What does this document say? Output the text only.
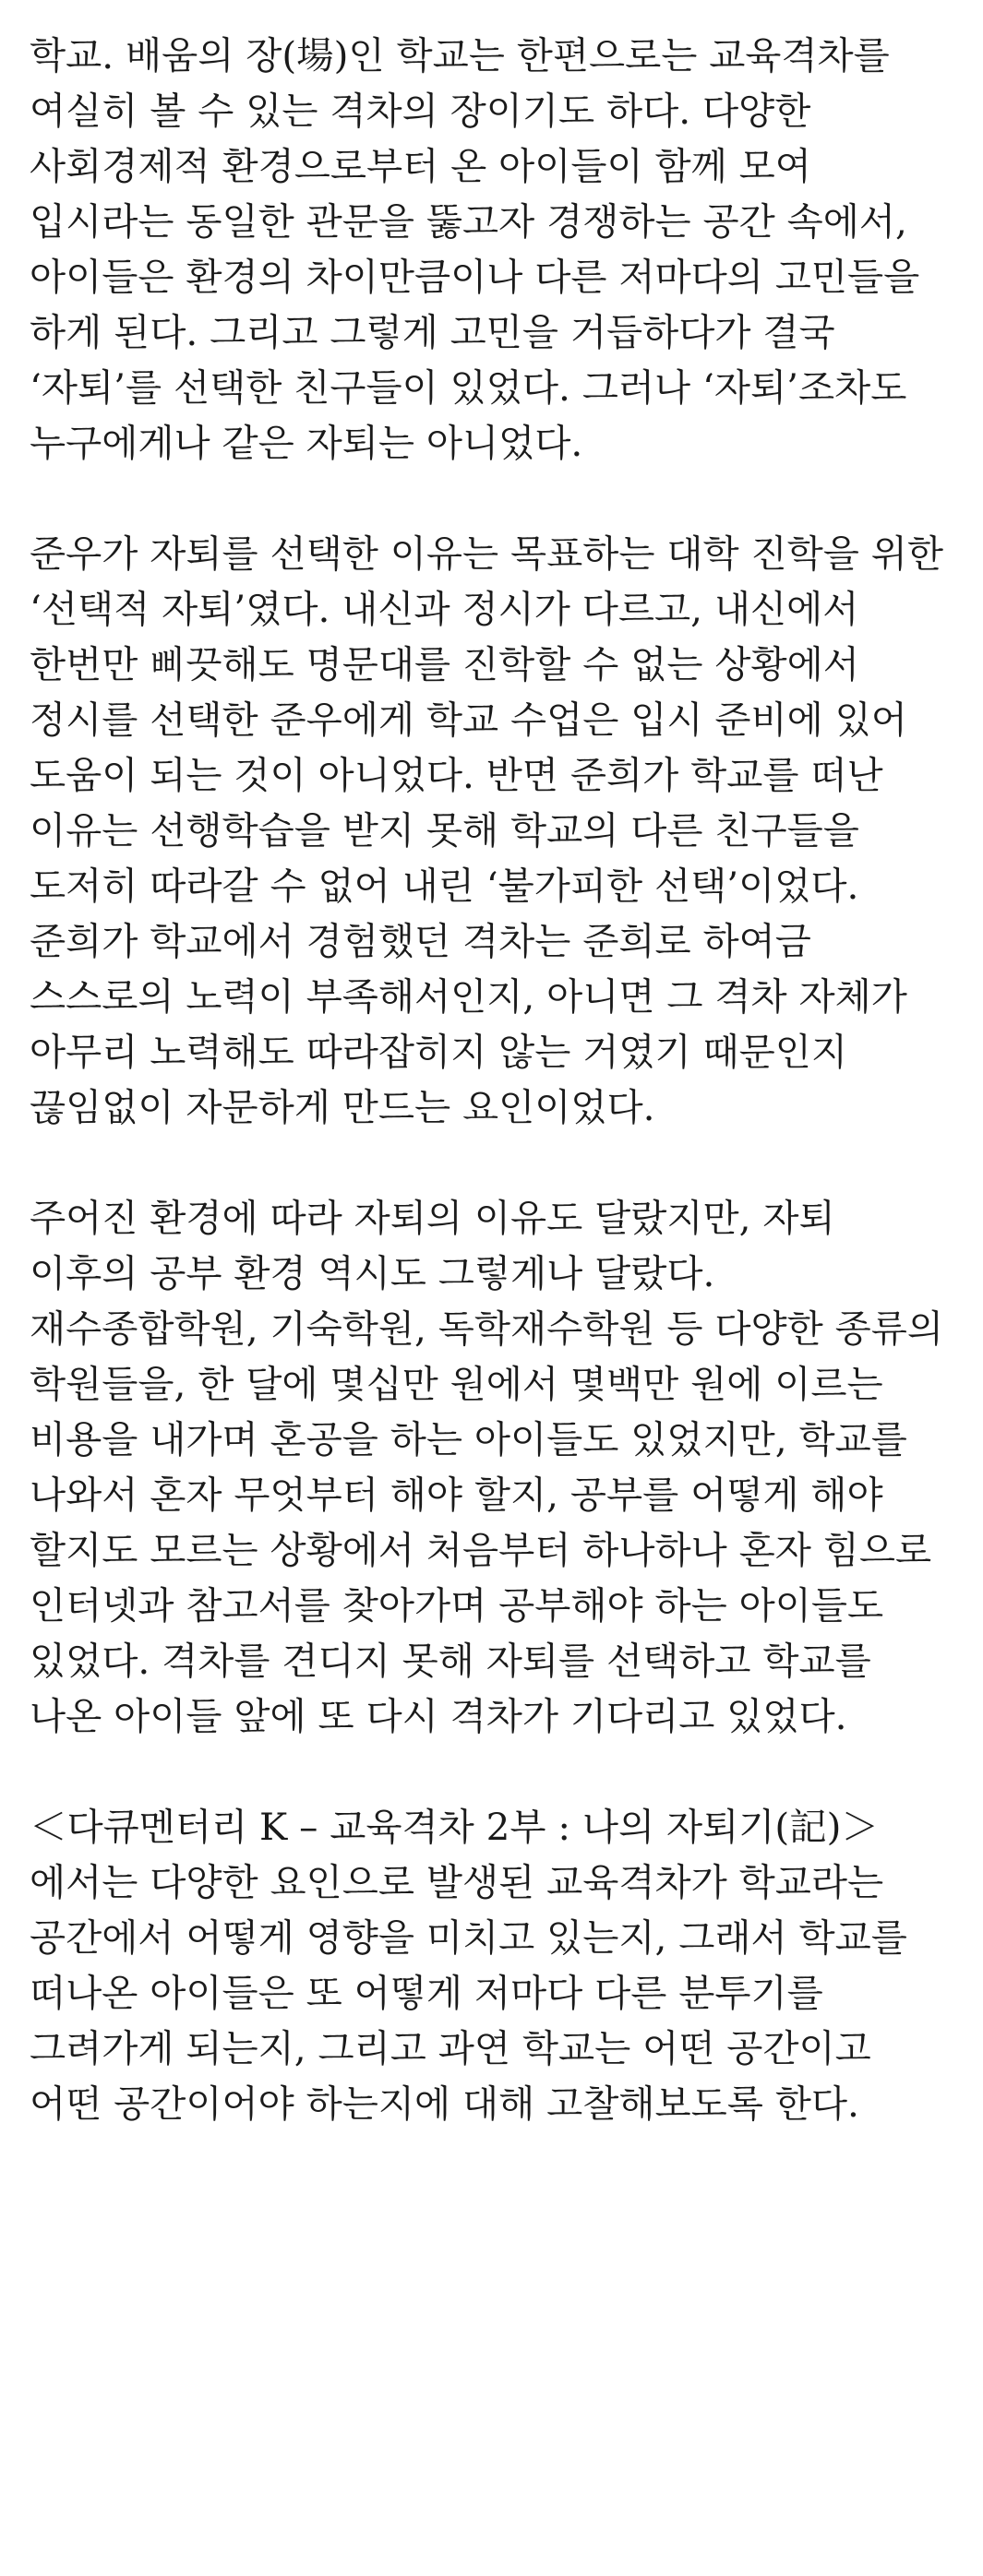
학교. 배움의 장(場)인 학교는 한편으로는 교육격차를 여실히 볼 수 있는 격차의 장이기도 하다. 다양한 사회경제적 환경으로부터 온 아이들이 함께 모여 입시라는 동일한 관문을 뚫고자 경쟁하는 공간 속에서, 아이들은 환경의 차이만큼이나 다른 저마다의 고민들을 하게 된다. 그리고 그렇게 고민을 거듭하다가 결국 ‘자퇴’를 선택한 친구들이 있었다. 그러나 ‘자퇴’조차도 누구에게나 같은 자퇴는 아니었다.

준우가 자퇴를 선택한 이유는 목표하는 대학 진학을 위한 ‘선택적 자퇴’였다. 내신과 정시가 다르고, 내신에서 한번만 삐끗해도 명문대를 진학할 수 없는 상황에서 정시를 선택한 준우에게 학교 수업은 입시 준비에 있어 도움이 되는 것이 아니었다. 반면 준희가 학교를 떠난 이유는 선행학습을 받지 못해 학교의 다른 친구들을 도저히 따라갈 수 없어 내린 ‘불가피한 선택’이었다. 준희가 학교에서 경험했던 격차는 준희로 하여금 스스로의 노력이 부족해서인지, 아니면 그 격차 자체가 아무리 노력해도 따라잡히지 않는 거였기 때문인지 끊임없이 자문하게 만드는 요인이었다.

주어진 환경에 따라 자퇴의 이유도 달랐지만, 자퇴 이후의 공부 환경 역시도 그렇게나 달랐다. 재수종합학원, 기숙학원, 독학재수학원 등 다양한 종류의 학원들을, 한 달에 몇십만 원에서 몇백만 원에 이르는 비용을 내가며 혼공을 하는 아이들도 있었지만, 학교를 나와서 혼자 무엇부터 해야 할지, 공부를 어떻게 해야 할지도 모르는 상황에서 처음부터 하나하나 혼자 힘으로 인터넷과 참고서를 찾아가며 공부해야 하는 아이들도 있었다. 격차를 견디지 못해 자퇴를 선택하고 학교를 나온 아이들 앞에 또 다시 격차가 기다리고 있었다.

＜다큐멘터리 K – 교육격차 2부 : 나의 자퇴기(記)＞에서는 다양한 요인으로 발생된 교육격차가 학교라는 공간에서 어떻게 영향을 미치고 있는지, 그래서 학교를 떠나온 아이들은 또 어떻게 저마다 다른 분투기를 그려가게 되는지, 그리고 과연 학교는 어떤 공간이고 어떤 공간이어야 하는지에 대해 고찰해보도록 한다.
